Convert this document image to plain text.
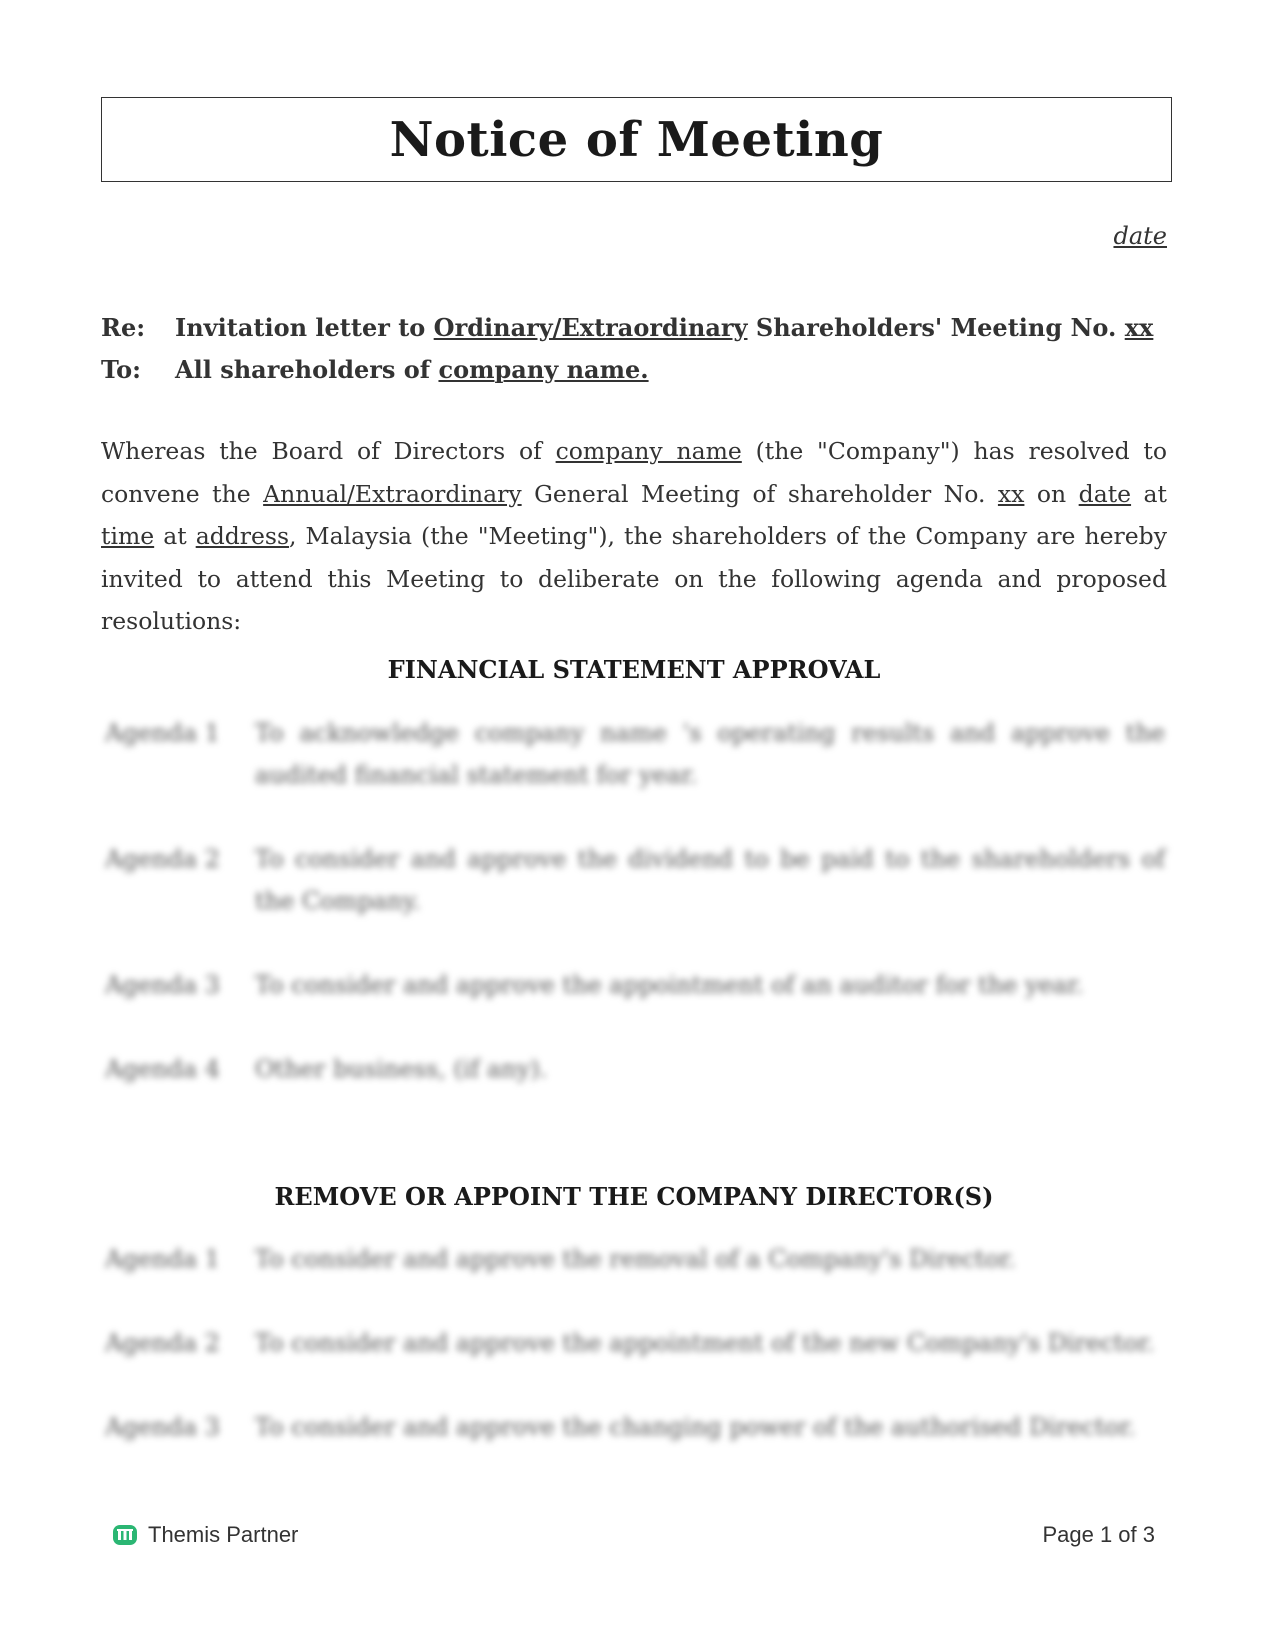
Notice of Meeting
date
Re:	Invitation letter to Ordinary/Extraordinary Shareholders' Meeting No. xx
To:	All shareholders of company name.
Whereas the Board of Directors of company name (the "Company") has resolved to convene the Annual/Extraordinary General Meeting of shareholder No. xx on date at time at address, Malaysia (the "Meeting"), the shareholders of the Company are hereby invited to attend this Meeting to deliberate on the following agenda and proposed resolutions:
FINANCIAL STATEMENT APPROVAL
Agenda 1	To acknowledge company name 's operating results and approve the audited financial statement for year.
Agenda 2	To consider and approve the dividend to be paid to the shareholders of the Company.
Agenda 3	To consider and approve the appointment of an auditor for the year.
Agenda 4	Other business, (if any).
REMOVE OR APPOINT THE COMPANY DIRECTOR(S)
Agenda 1	To consider and approve the removal of a Company's Director.
Agenda 2	To consider and approve the appointment of the new Company's Director.
Agenda 3	To consider and approve the changing power of the authorised Director.
Themis Partner	Page 1 of 3
